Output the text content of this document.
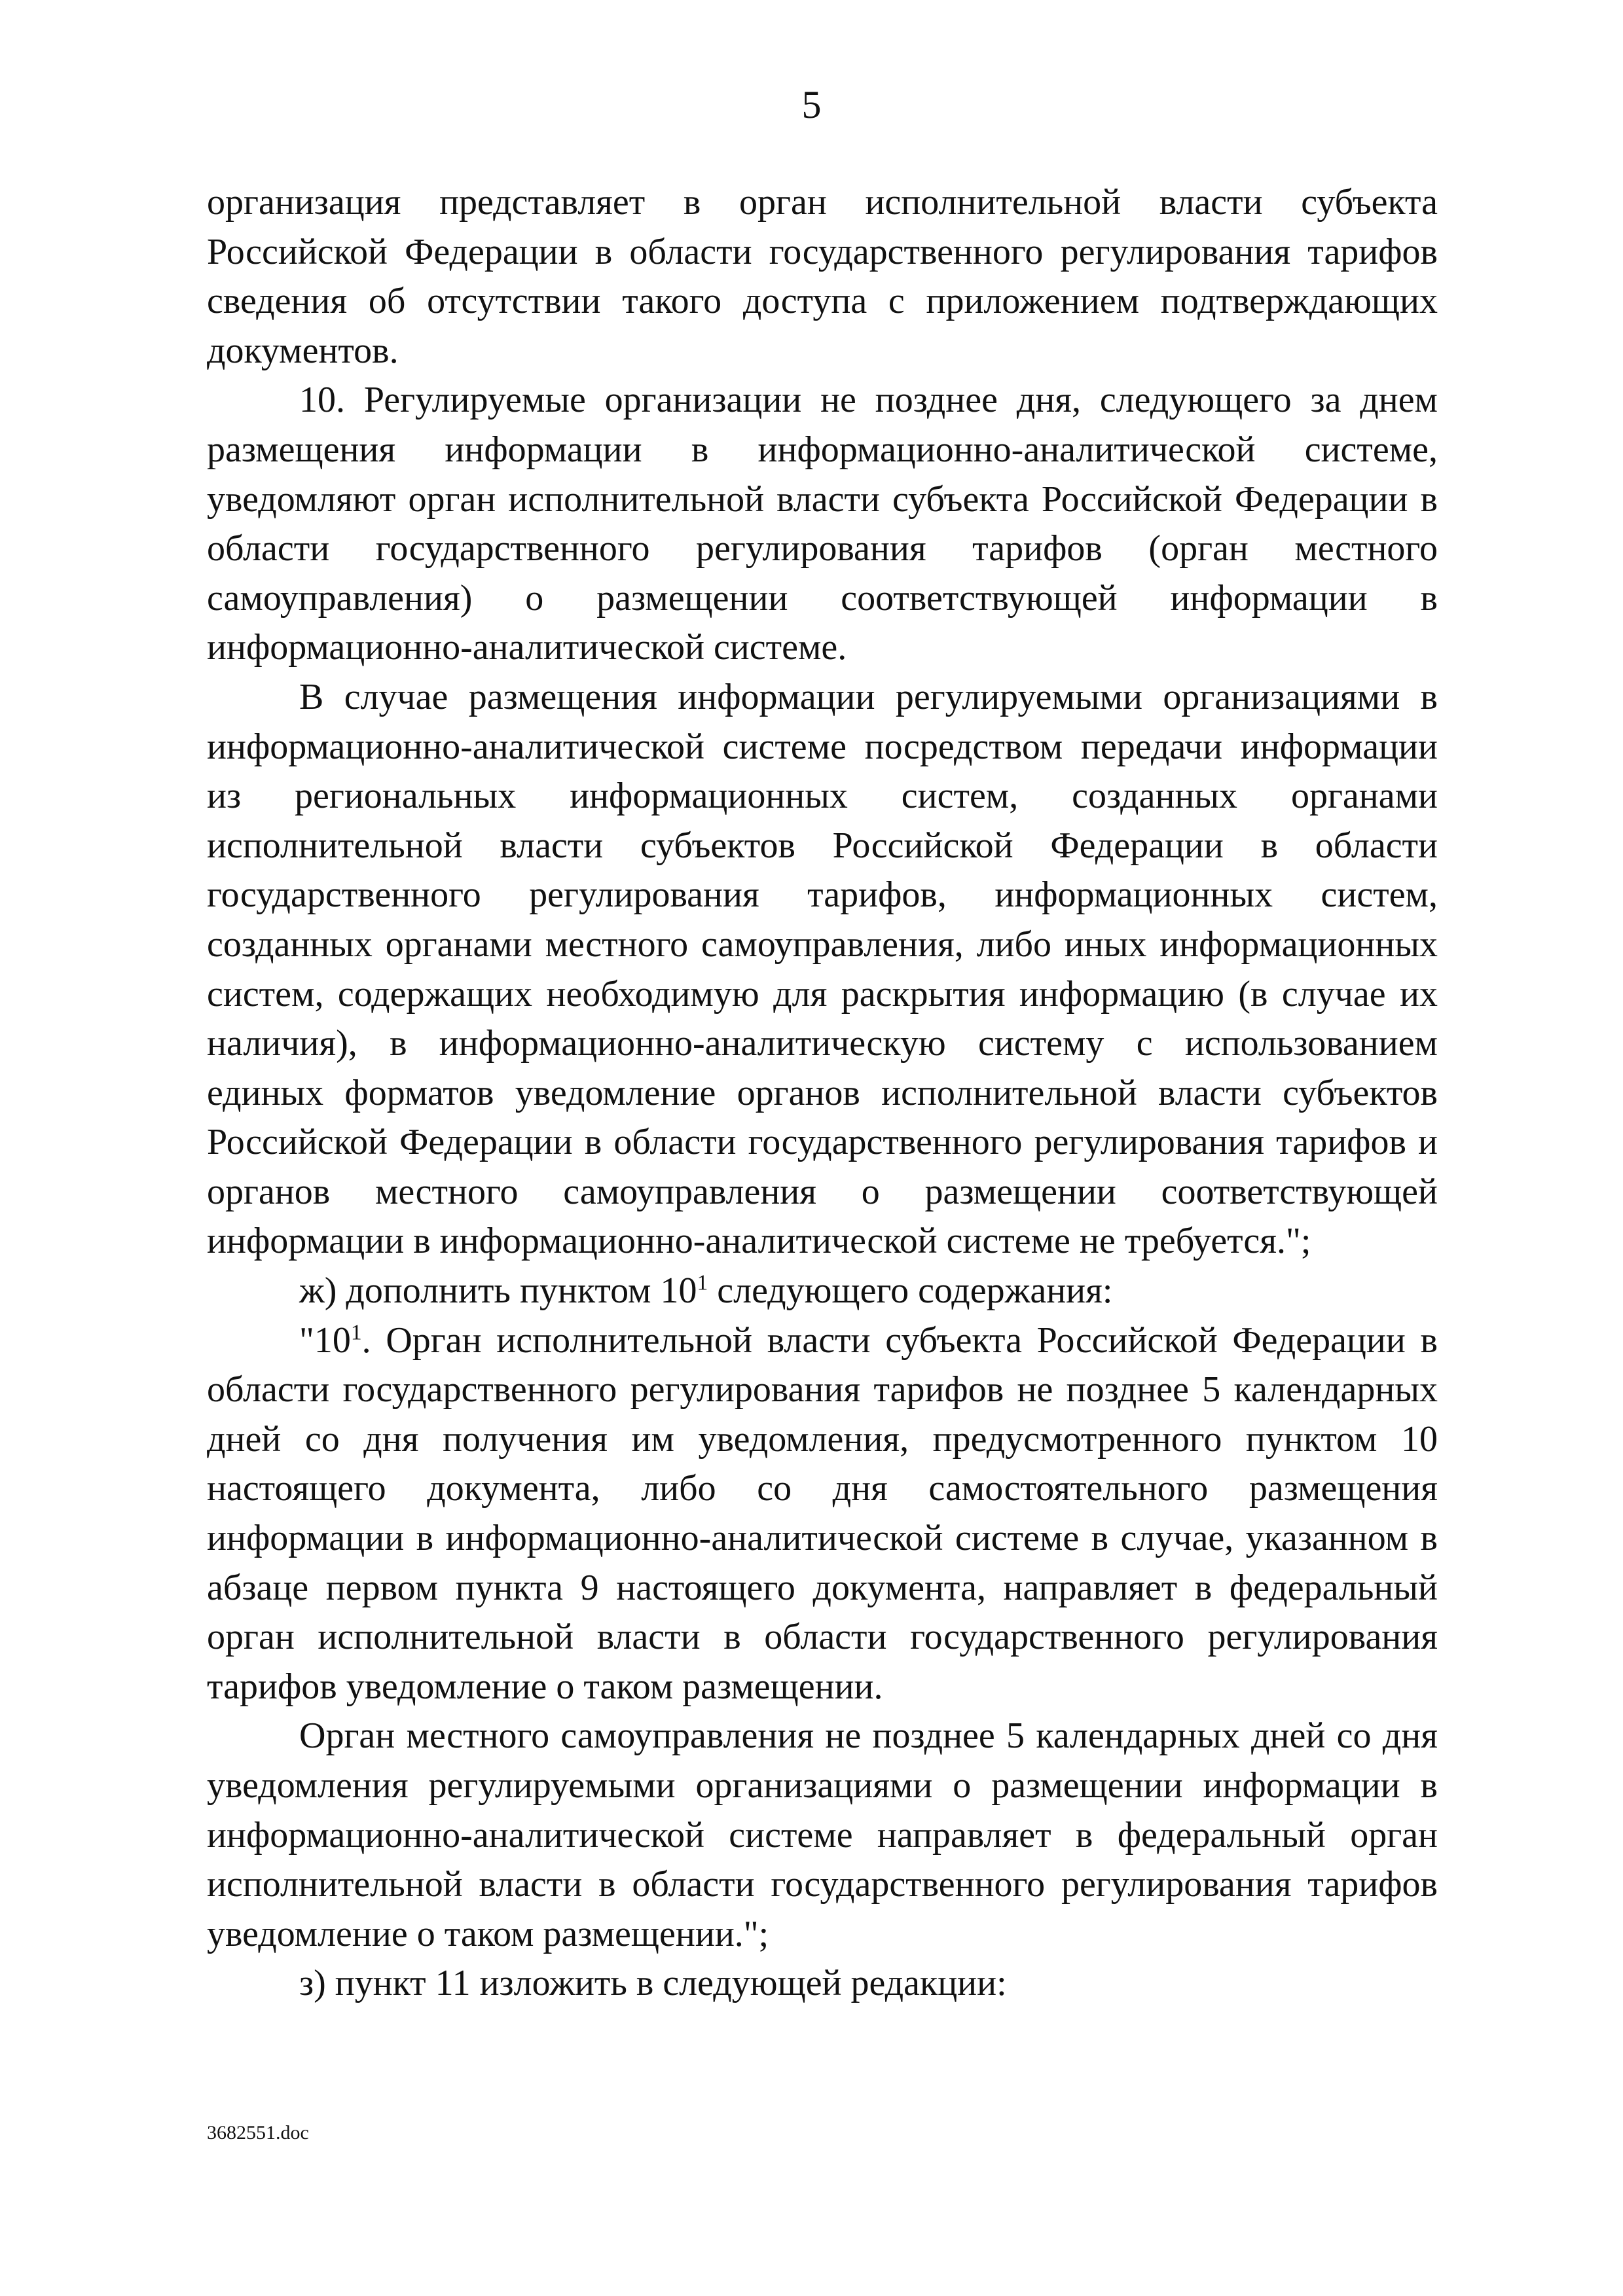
5

организация представляет в орган исполнительной власти субъекта Российской Федерации в области государственного регулирования тарифов сведения об отсутствии такого доступа с приложением подтверждающих документов.

10. Регулируемые организации не позднее дня, следующего за днем размещения информации в информационно-аналитической системе, уведомляют орган исполнительной власти субъекта Российской Федерации в области государственного регулирования тарифов (орган местного самоуправления) о размещении соответствующей информации в информационно-аналитической системе.

В случае размещения информации регулируемыми организациями в информационно-аналитической системе посредством передачи информации из региональных информационных систем, созданных органами исполнительной власти субъектов Российской Федерации в области государственного регулирования тарифов, информационных систем, созданных органами местного самоуправления, либо иных информационных систем, содержащих необходимую для раскрытия информацию (в случае их наличия), в информационно-аналитическую систему с использованием единых форматов уведомление органов исполнительной власти субъектов Российской Федерации в области государственного регулирования тарифов и органов местного самоуправления о размещении соответствующей информации в информационно-аналитической системе не требуется.";

ж) дополнить пунктом $10^1$ следующего содержания:

"$10^1$. Орган исполнительной власти субъекта Российской Федерации в области государственного регулирования тарифов не позднее 5 календарных дней со дня получения им уведомления, предусмотренного пунктом 10 настоящего документа, либо со дня самостоятельного размещения информации в информационно-аналитической системе в случае, указанном в абзаце первом пункта 9 настоящего документа, направляет в федеральный орган исполнительной власти в области государственного регулирования тарифов уведомление о таком размещении.

Орган местного самоуправления не позднее 5 календарных дней со дня уведомления регулируемыми организациями о размещении информации в информационно-аналитической системе направляет в федеральный орган исполнительной власти в области государственного регулирования тарифов уведомление о таком размещении.";

з) пункт 11 изложить в следующей редакции:

3682551.doc
